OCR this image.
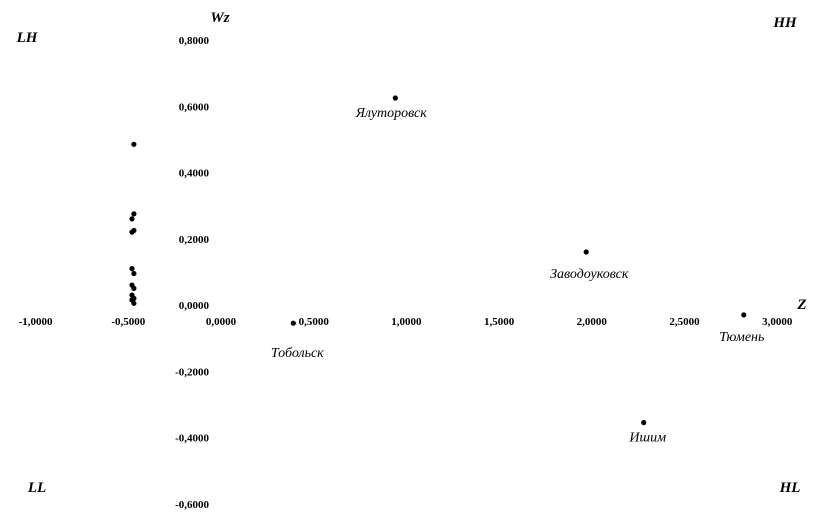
-1,0000	-0,5000	0,0000	0,5000	1,0000	1,5000	2,0000	2,5000	3,0000
0,8000
0,6000
0,4000
0,2000
0,0000
-0,2000
-0,4000
-0,6000
Wz
Z
LH
HH
LL	HL
Тобольск
Ялуторовск
Заводоуковск
Ишим
Тюмень
